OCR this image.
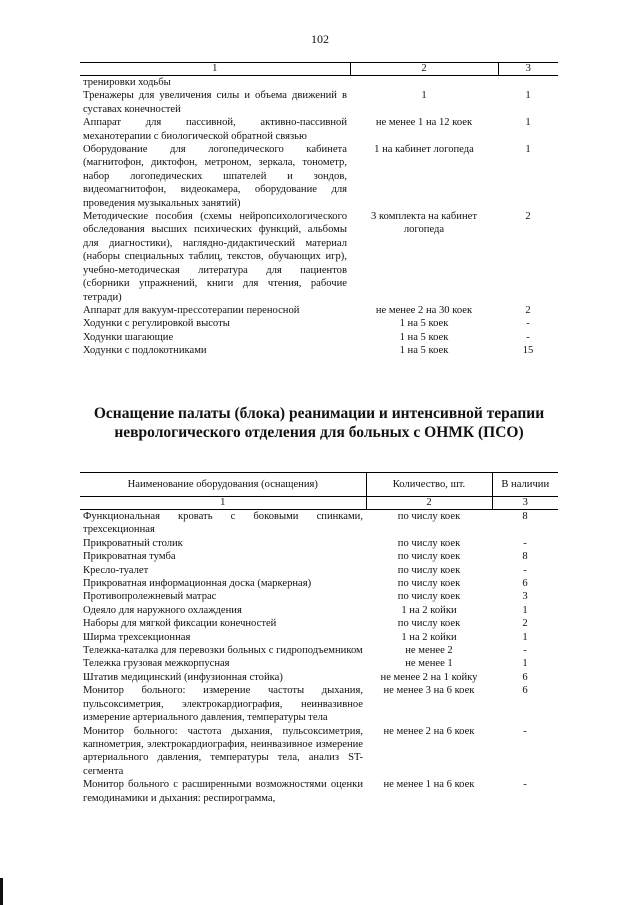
102
1	2	3
тренировки ходьбы		
Тренажеры для увеличения силы и объема движений в суставах конечностей	1	1
Аппарат для пассивной, активно-пассивной механотерапии с биологической обратной связью	не менее 1 на 12 коек	1
Оборудование для логопедического кабинета (магнитофон, диктофон, метроном, зеркала, тонометр, набор логопедических шпателей и зондов, видеомагнитофон, видеокамера, оборудование для проведения музыкальных занятий)	1 на кабинет логопеда	1
Методические пособия (схемы нейропсихологического обследования высших психических функций, альбомы для диагностики), наглядно-дидактический материал (наборы специальных таблиц, текстов, обучающих игр), учебно-методическая литература для пациентов (сборники упражнений, книги для чтения, рабочие тетради)	3 комплекта на кабинет логопеда	2
Аппарат для вакуум-прессотерапии переносной	не менее 2 на 30 коек	2
Ходунки с регулировкой высоты	1 на 5 коек	-
Ходунки шагающие	1 на 5 коек	-
Ходунки с подлокотниками	1 на 5 коек	15
Оснащение палаты (блока) реанимации и интенсивной терапии неврологического отделения для больных с ОНМК (ПСО)
Наименование оборудования (оснащения)	Количество, шт.	В наличии
1	2	3
Функциональная кровать с боковыми спинками, трехсекционная	по числу коек	8
Прикроватный столик	по числу коек	-
Прикроватная тумба	по числу коек	8
Кресло-туалет	по числу коек	-
Прикроватная информационная доска (маркерная)	по числу коек	6
Противопролежневый матрас	по числу коек	3
Одеяло для наружного охлаждения	1 на 2 койки	1
Наборы для мягкой фиксации конечностей	по числу коек	2
Ширма трехсекционная	1 на 2 койки	1
Тележка-каталка для перевозки больных с гидроподъемником	не менее 2	-
Тележка грузовая межкорпусная	не менее 1	1
Штатив медицинский (инфузионная стойка)	не менее 2 на 1 койку	6
Монитор больного: измерение частоты дыхания, пульсоксиметрия, электрокардиография, неинвазивное измерение артериального давления, температуры тела	не менее 3 на 6 коек	6
Монитор больного: частота дыхания, пульсоксиметрия, капнометрия, электрокардиография, неинвазивное измерение артериального давления, температуры тела, анализ ST-сегмента	не менее 2 на 6 коек	-
Монитор больного с расширенными возможностями оценки гемодинамики и дыхания: респирограмма,	не менее 1 на 6 коек	-
